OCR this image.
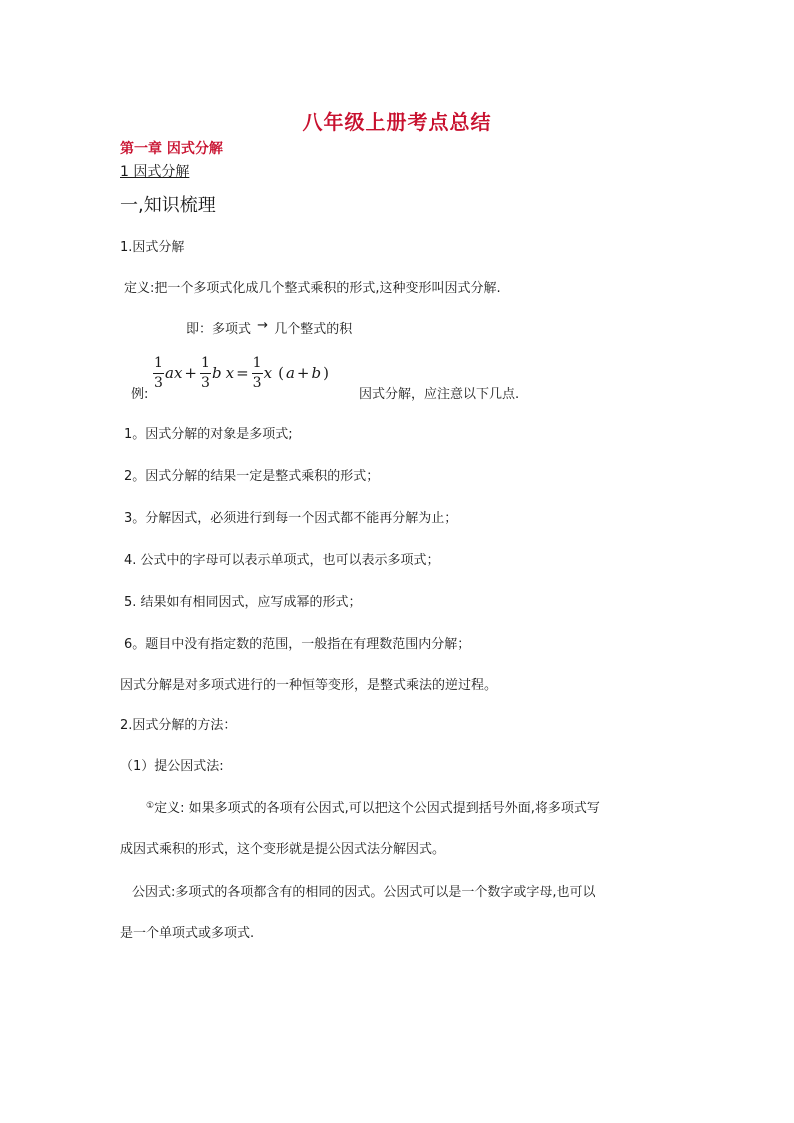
八年级上册考点总结
第一章 因式分解
1 因式分解
一,知识梳理
1.因式分解
定义:把一个多项式化成几个整式乘积的形式,这种变形叫因式分解.
即：多项式 → 几个整式的积
例:
$\frac{1}{3}$ ax + $\frac{1}{3}$ b $x = \frac{1}{3}$ x ( a + b )
因式分解，应注意以下几点.
1。因式分解的对象是多项式;
2。因式分解的结果一定是整式乘积的形式；
3。分解因式，必须进行到每一个因式都不能再分解为止；
4. 公式中的字母可以表示单项式，也可以表示多项式；
5. 结果如有相同因式，应写成幂的形式；
6。题目中没有指定数的范围，一般指在有理数范围内分解；
因式分解是对多项式进行的一种恒等变形，是整式乘法的逆过程。
2.因式分解的方法：
（1）提公因式法:
①定义: 如果多项式的各项有公因式,可以把这个公因式提到括号外面,将多项式写
成因式乘积的形式，这个变形就是提公因式法分解因式。
公因式:多项式的各项都含有的相同的因式。公因式可以是一个数字或字母,也可以
是一个单项式或多项式.
